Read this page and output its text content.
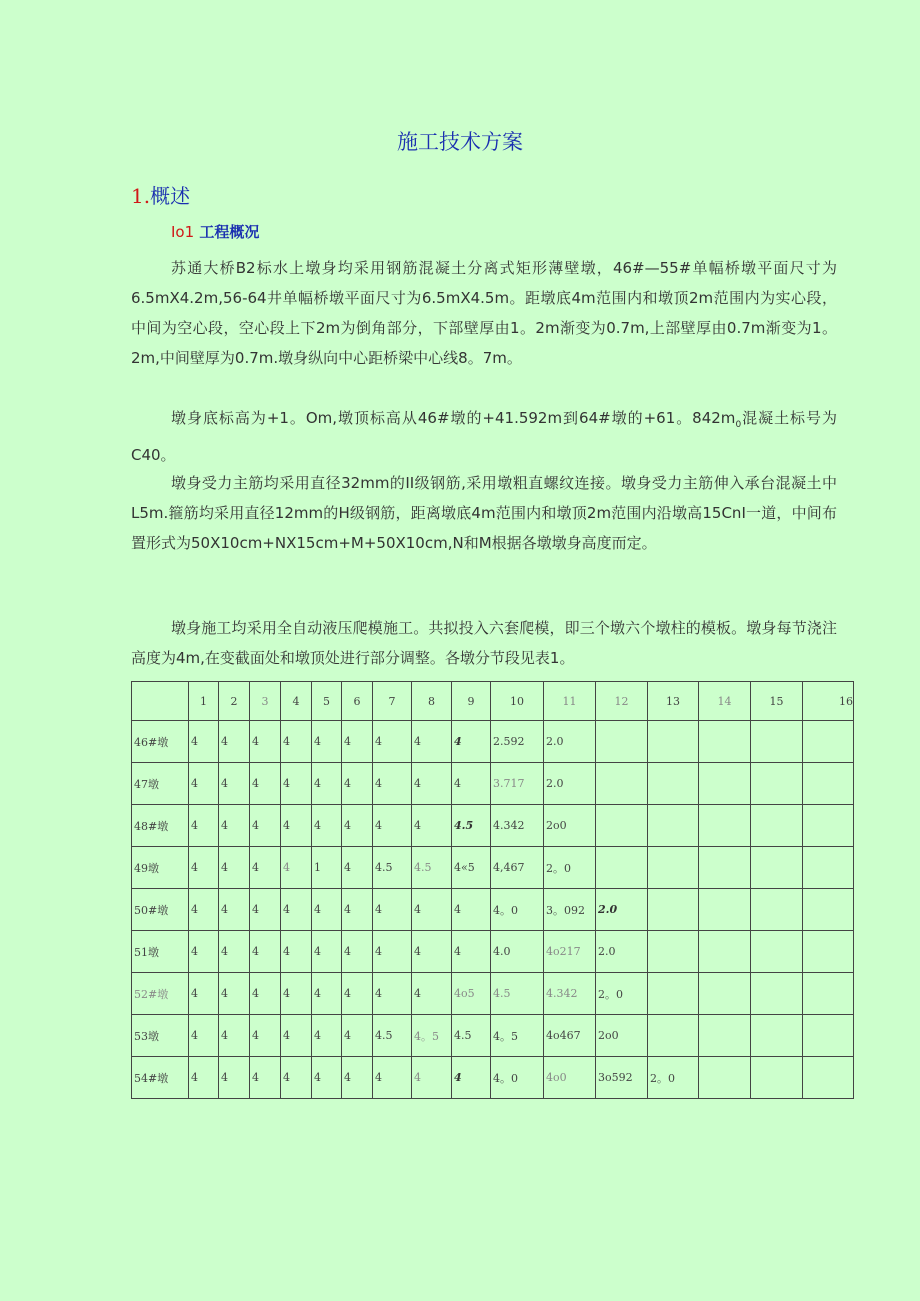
施工技术方案
1.概述
Io1 工程概况

苏通大桥B2标水上墩身均采用钢筋混凝土分离式矩形薄壁墩，46#—55#单幅桥墩平面尺寸为6.5mX4.2m,56-64井单幅桥墩平面尺寸为6.5mX4.5m。距墩底4m范围内和墩顶2m范围内为实心段，中间为空心段，空心段上下2m为倒角部分，下部壁厚由1。2m渐变为0.7m,上部壁厚由0.7m渐变为1。2m,中间壁厚为0.7m.墩身纵向中心距桥梁中心线8。7m。

墩身底标高为+1。Om,墩顶标高从46#墩的+41.592m到64#墩的+61。$842m_0$混凝土标号为C40。

墩身受力主筋均采用直径32mm的II级钢筋,采用墩粗直螺纹连接。墩身受力主筋伸入承台混凝土中L5m.箍筋均采用直径12mm的H级钢筋，距离墩底4m范围内和墩顶2m范围内沿墩高15CnI一道，中间布置形式为50X10cm+NX15cm+M+50X10cm,N和M根据各墩墩身高度而定。

墩身施工均采用全自动液压爬模施工。共拟投入六套爬模，即三个墩六个墩柱的模板。墩身每节浇注高度为4m,在变截面处和墩顶处进行部分调整。各墩分节段见表1。

	1	2	3	4	5	6	7	8	9	10	11	12	13	14	15	16
46#墩	4	4	4	4	4	4	4	4	4	2.592	2.0					
47墩	4	4	4	4	4	4	4	4	4	3.717	2.0					
48#墩	4	4	4	4	4	4	4	4	4.5	4.342	2o0					
49墩	4	4	4	4	1	4	4.5	4.5	4«5	4,467	2。0					
50#墩	4	4	4	4	4	4	4	4	4	4。0	3。092	2.0				
51墩	4	4	4	4	4	4	4	4	4	4.0	4o217	2.0				
52#墩	4	4	4	4	4	4	4	4	4o5	4.5	4.342	2。0				
53墩	4	4	4	4	4	4	4.5	4。5	4.5	4。5	4o467	2o0				
54#墩	4	4	4	4	4	4	4	4	4	4。0	4o0	3o592	2。0			
